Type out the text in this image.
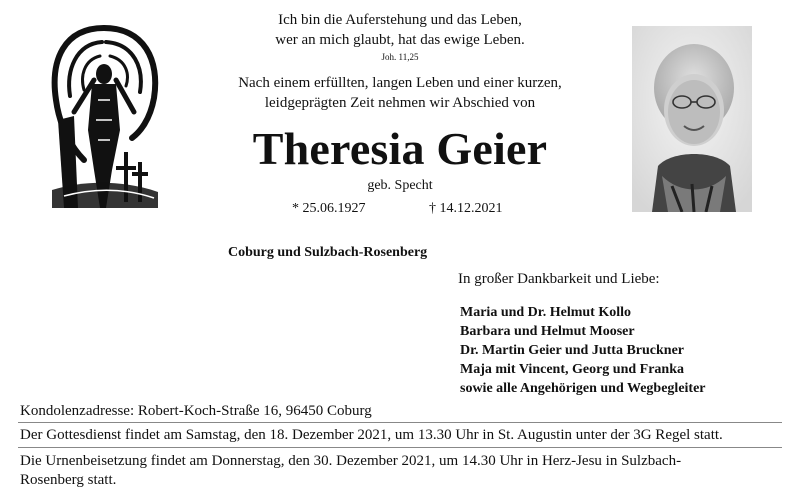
Ich bin die Auferstehung und das Leben,
wer an mich glaubt, hat das ewige Leben.
Joh. 11,25
Nach einem erfüllten, langen Leben und einer kurzen,
leidgeprägten Zeit nehmen wir Abschied von
Theresia Geier
geb. Specht
* 25.06.1927	† 14.12.2021
Coburg und Sulzbach-Rosenberg
In großer Dankbarkeit und Liebe:
Maria und Dr. Helmut Kollo
Barbara und Helmut Mooser
Dr. Martin Geier und Jutta Bruckner
Maja mit Vincent, Georg und Franka
sowie alle Angehörigen und Wegbegleiter
Kondolenzadresse: Robert-Koch-Straße 16, 96450 Coburg
Der Gottesdienst findet am Samstag, den 18. Dezember 2021, um 13.30 Uhr in St. Augustin unter der 3G Regel statt.
Die Urnenbeisetzung findet am Donnerstag, den 30. Dezember 2021, um 14.30 Uhr in Herz-Jesu in Sulzbach-Rosenberg statt.
